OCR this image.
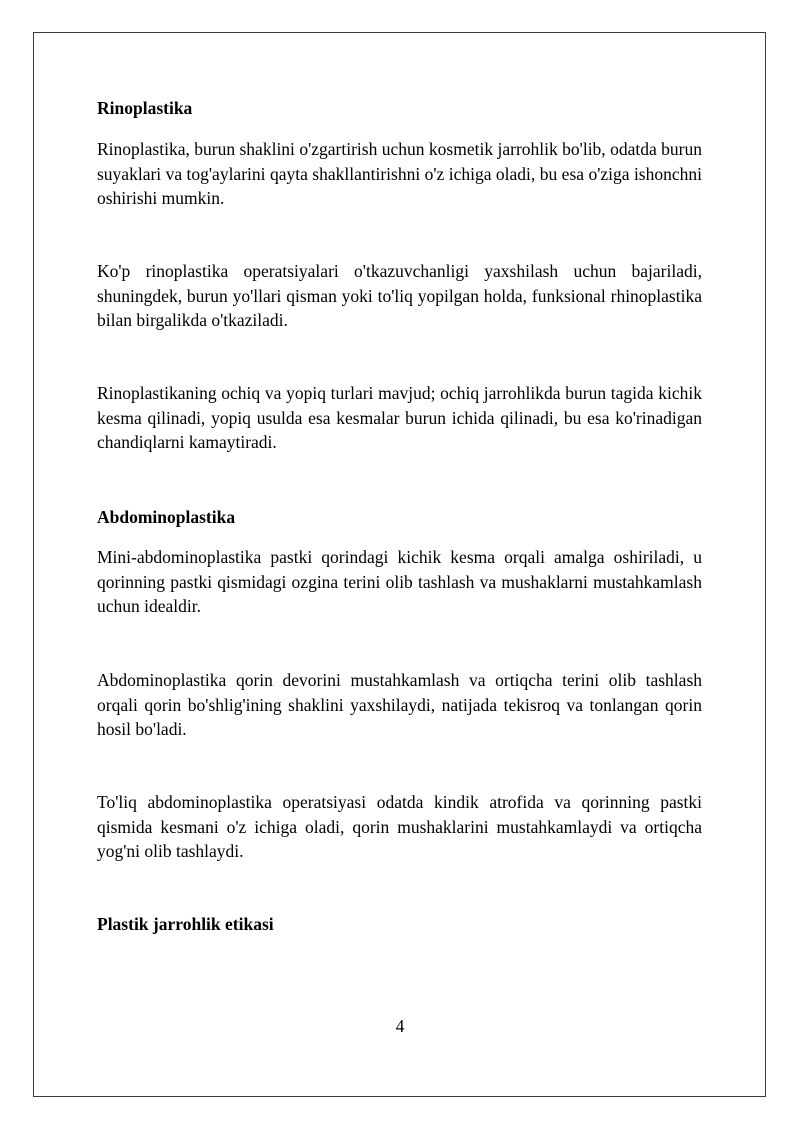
Rinoplastika

Rinoplastika, burun shaklini o'zgartirish uchun kosmetik jarrohlik bo'lib, odatda burun suyaklari va tog'aylarini qayta shakllantirishni o'z ichiga oladi, bu esa o'ziga ishonchni oshirishi mumkin.

Ko'p rinoplastika operatsiyalari o'tkazuvchanligi yaxshilash uchun bajariladi, shuningdek, burun yo'llari qisman yoki to'liq yopilgan holda, funksional rhinoplastika bilan birgalikda o'tkaziladi.

Rinoplastikaning ochiq va yopiq turlari mavjud; ochiq jarrohlikda burun tagida kichik kesma qilinadi, yopiq usulda esa kesmalar burun ichida qilinadi, bu esa ko'rinadigan chandiqlarni kamaytiradi.

Abdominoplastika

Mini-abdominoplastika pastki qorindagi kichik kesma orqali amalga oshiriladi, u qorinning pastki qismidagi ozgina terini olib tashlash va mushaklarni mustahkamlash uchun idealdir.

Abdominoplastika qorin devorini mustahkamlash va ortiqcha terini olib tashlash orqali qorin bo'shlig'ining shaklini yaxshilaydi, natijada tekisroq va tonlangan qorin hosil bo'ladi.

To'liq abdominoplastika operatsiyasi odatda kindik atrofida va qorinning pastki qismida kesmani o'z ichiga oladi, qorin mushaklarini mustahkamlaydi va ortiqcha yog'ni olib tashlaydi.

Plastik jarrohlik etikasi
4
